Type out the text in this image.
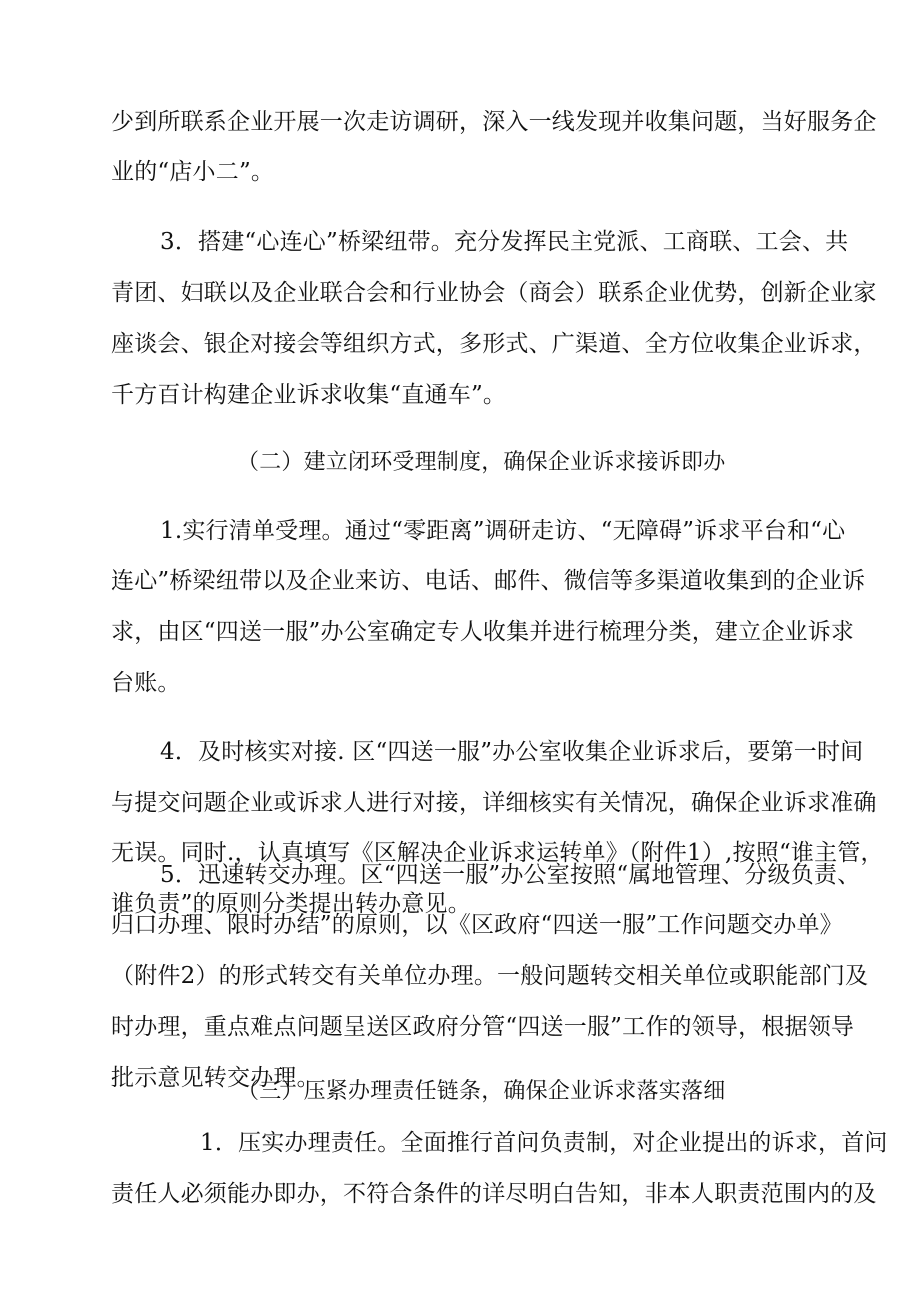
少到所联系企业开展一次走访调研，深入一线发现并收集问题，当好服务企
业的“店小二”。
3．搭建“心连心”桥梁纽带。充分发挥民主党派、工商联、工会、共
青团、妇联以及企业联合会和行业协会（商会）联系企业优势，创新企业家
座谈会、银企对接会等组织方式，多形式、广渠道、全方位收集企业诉求，
千方百计构建企业诉求收集“直通车”。
（二）建立闭环受理制度，确保企业诉求接诉即办
1.实行清单受理。通过“零距离”调研走访、“无障碍”诉求平台和“心
连心”桥梁纽带以及企业来访、电话、邮件、微信等多渠道收集到的企业诉
求，由区“四送一服”办公室确定专人收集并进行梳理分类，建立企业诉求
台账。
4．及时核实对接. 区“四送一服”办公室收集企业诉求后，要第一时间
与提交问题企业或诉求人进行对接，详细核实有关情况，确保企业诉求准确
无误。同时.，认真填写《区解决企业诉求运转单》（附件1）,按照“谁主管，
谁负责”的原则分类提出转办意见。
5．迅速转交办理。区“四送一服”办公室按照“属地管理、分级负责、
归口办理、限时办结”的原则，以《区政府“四送一服”工作问题交办单》
（附件2）的形式转交有关单位办理。一般问题转交相关单位或职能部门及
时办理，重点难点问题呈送区政府分管“四送一服”工作的领导，根据领导
批示意见转交办理。
（三）压紧办理责任链条，确保企业诉求落实落细
1．压实办理责任。全面推行首问负责制，对企业提出的诉求，首问
责任人必须能办即办，不符合条件的详尽明白告知，非本人职责范围内的及
